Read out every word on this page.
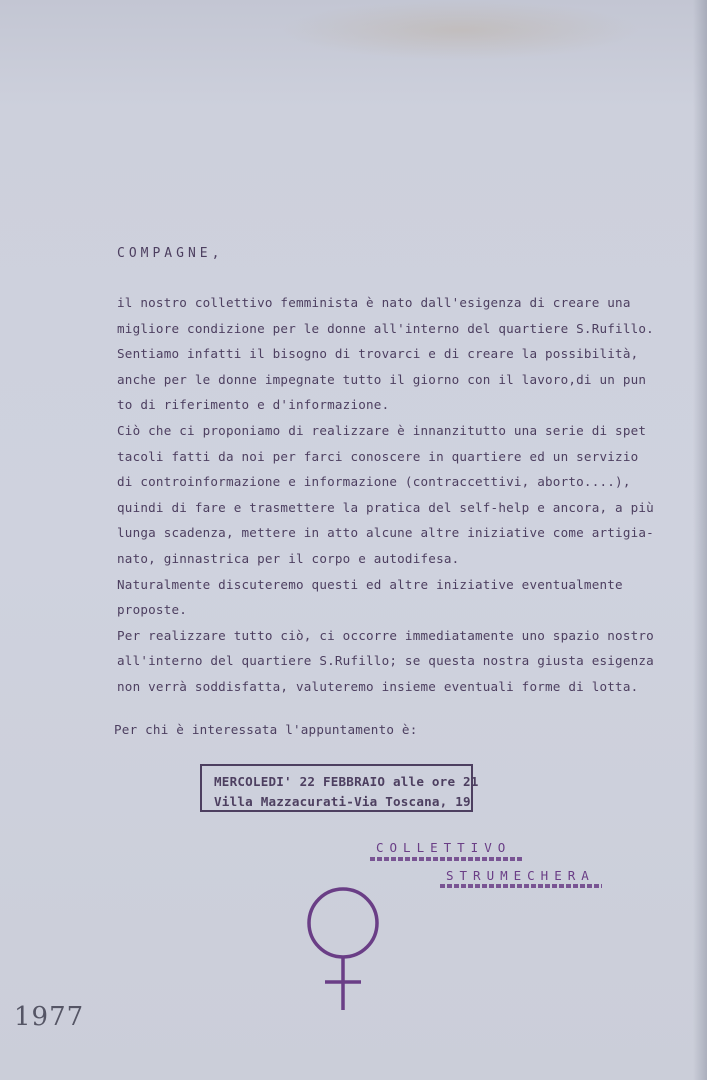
COMPAGNE,
il nostro collettivo femminista è nato dall'esigenza di creare una
migliore condizione per le donne all'interno del quartiere S.Rufillo.
Sentiamo infatti il bisogno di trovarci e di creare la possibilità,
anche per le donne impegnate tutto il giorno con il lavoro,di un pun
to di riferimento e d'informazione.
Ciò che ci proponiamo di realizzare è innanzitutto una serie di spet
tacoli fatti da noi per farci conoscere in quartiere ed un servizio
di controinformazione e informazione (contraccettivi, aborto....),
quindi di fare e trasmettere la pratica del self-help e ancora, a più
lunga scadenza, mettere in atto alcune altre iniziative come artigia-
nato, ginnastrica per il corpo e autodifesa.
Naturalmente discuteremo questi ed altre iniziative eventualmente
proposte.
Per realizzare tutto ciò, ci occorre immediatamente uno spazio nostro
all'interno del quartiere S.Rufillo; se questa nostra giusta esigenza
non verrà soddisfatta, valuteremo insieme eventuali forme di lotta.
Per chi è interessata l'appuntamento è:
MERCOLEDI' 22 FEBBRAIO alle ore 21
Villa Mazzacurati-Via Toscana, 19
COLLETTIVO
STRUMECHERA
1977
